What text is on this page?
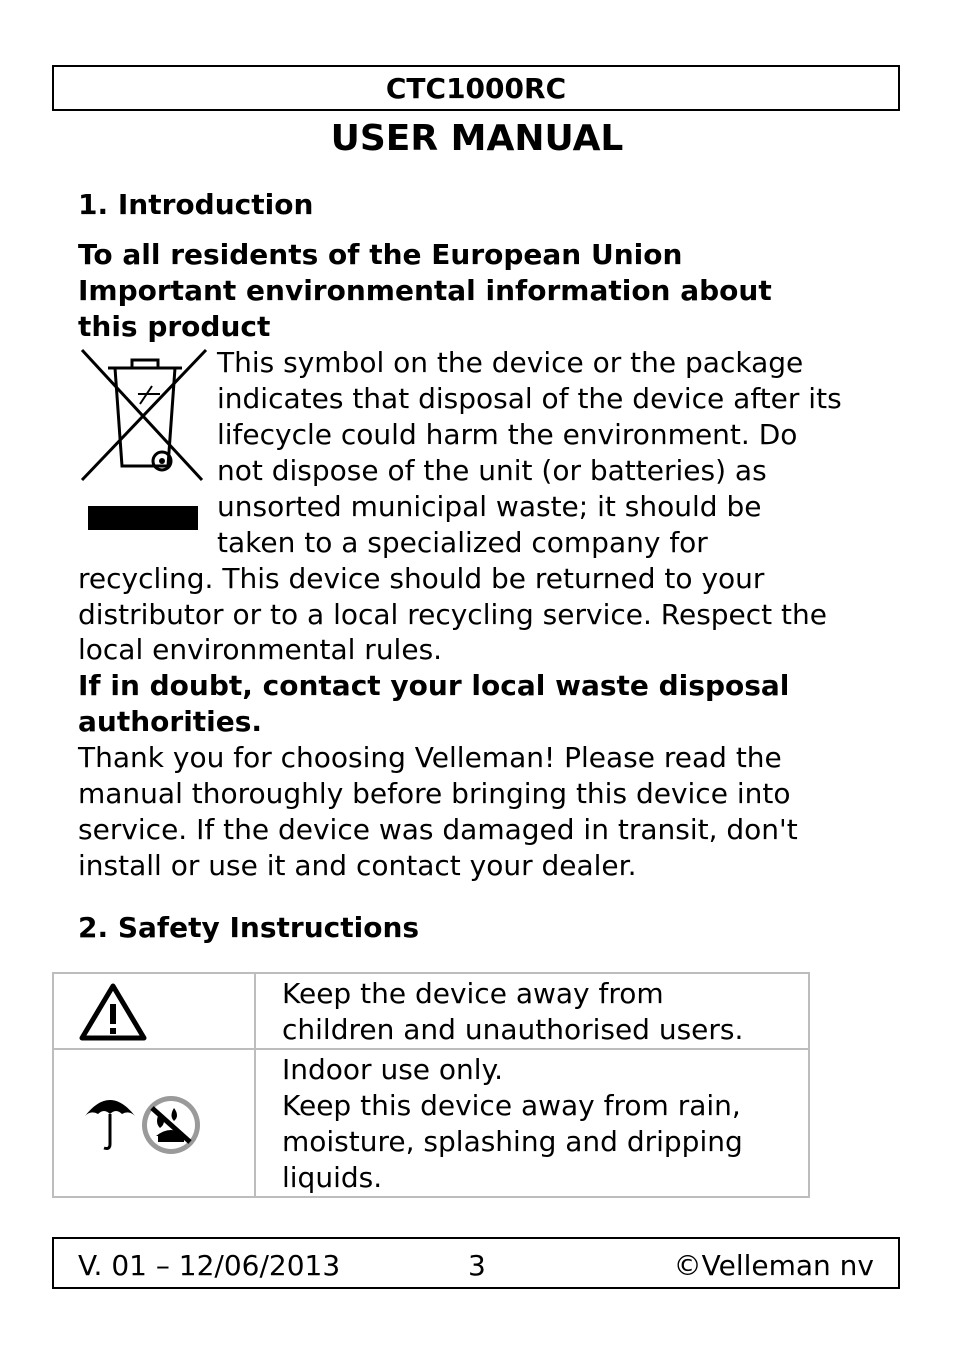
CTC1000RC
USER MANUAL
1. Introduction
To all residents of the European Union
Important environmental information about
this product
This symbol on the device or the package
indicates that disposal of the device after its
lifecycle could harm the environment. Do
not dispose of the unit (or batteries) as
unsorted municipal waste; it should be
taken to a specialized company for
recycling. This device should be returned to your
distributor or to a local recycling service. Respect the
local environmental rules.
If in doubt, contact your local waste disposal
authorities.
Thank you for choosing Velleman! Please read the
manual thoroughly before bringing this device into
service. If the device was damaged in transit, don't
install or use it and contact your dealer.
2. Safety Instructions

Keep the device away from
children and unauthorised users.

Indoor use only.
Keep this device away from rain,
moisture, splashing and dripping
liquids.
V. 01 – 12/06/2013	3	©Velleman nv
